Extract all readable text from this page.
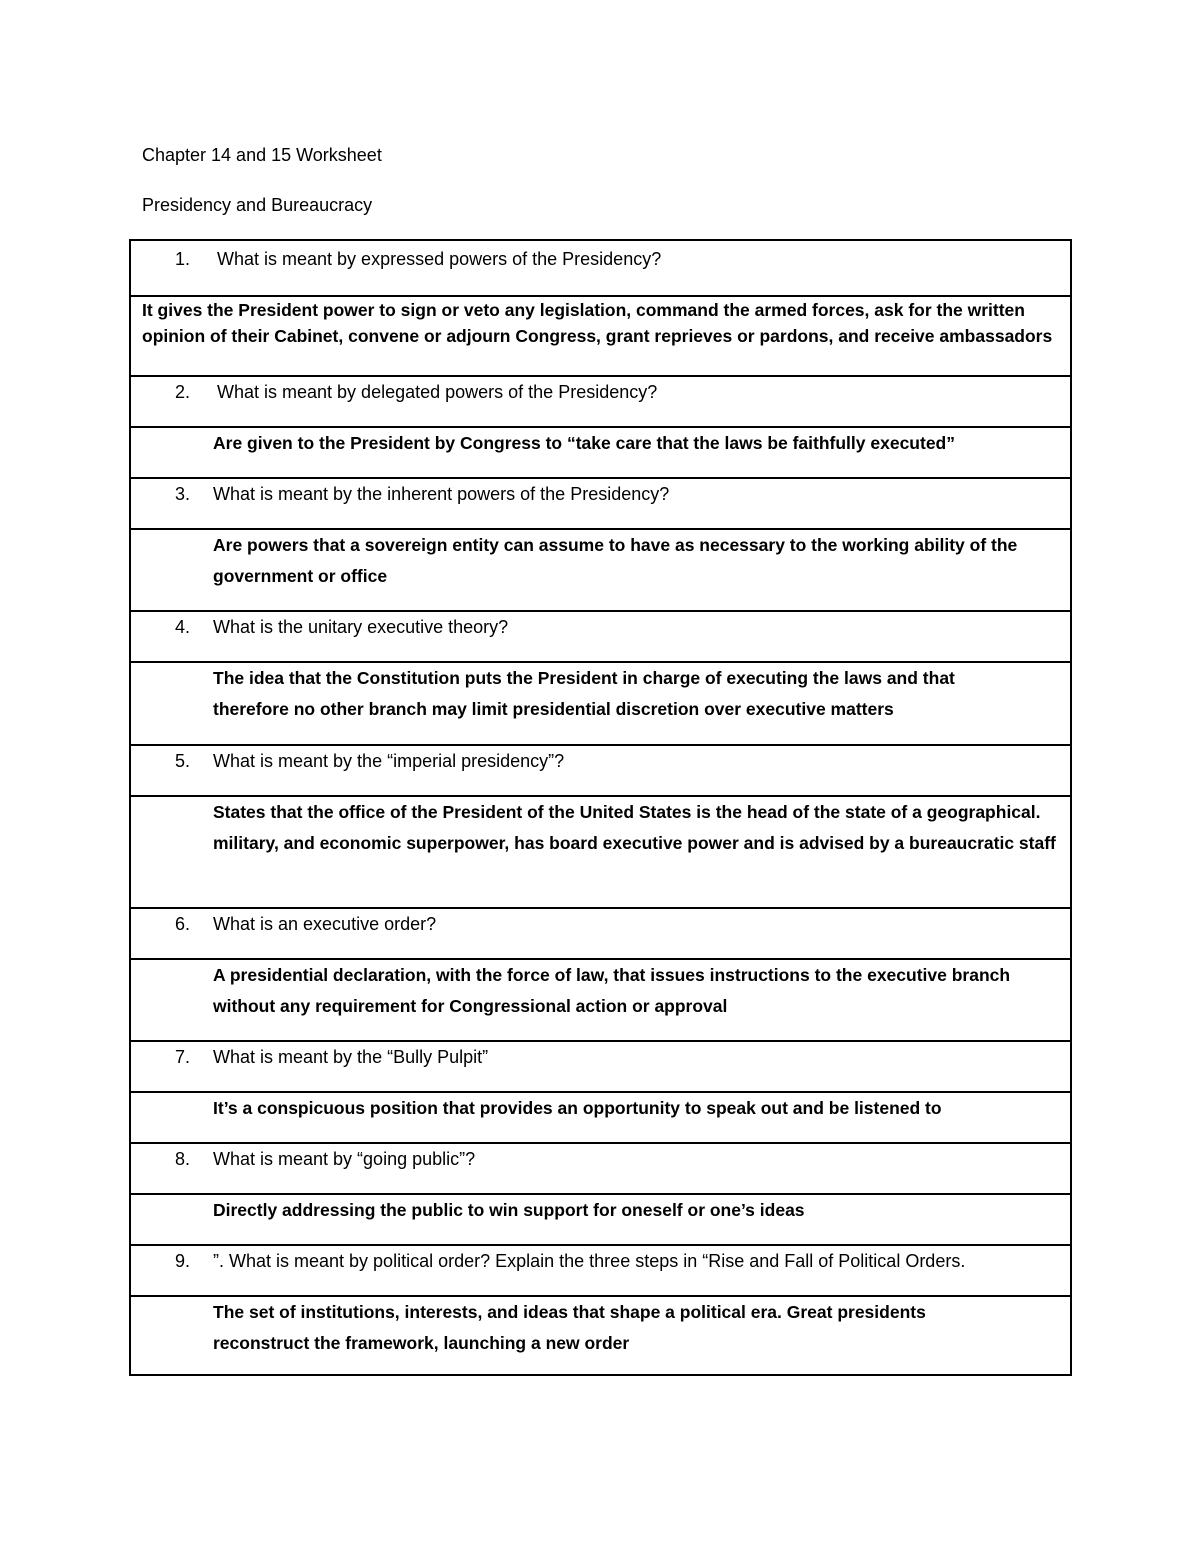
Chapter 14 and 15 Worksheet
Presidency and Bureaucracy
1. What is meant by expressed powers of the Presidency?
It gives the President power to sign or veto any legislation, command the armed forces, ask for the written opinion of their Cabinet, convene or adjourn Congress, grant reprieves or pardons, and receive ambassadors
2. What is meant by delegated powers of the Presidency?
Are given to the President by Congress to “take care that the laws be faithfully executed”
3. What is meant by the inherent powers of the Presidency?
Are powers that a sovereign entity can assume to have as necessary to the working ability of the government or office
4. What is the unitary executive theory?
The idea that the Constitution puts the President in charge of executing the laws and that therefore no other branch may limit presidential discretion over executive matters
5. What is meant by the “imperial presidency”?
States that the office of the President of the United States is the head of the state of a geographical. military, and economic superpower, has board executive power and is advised by a bureaucratic staff
6. What is an executive order?
A presidential declaration, with the force of law, that issues instructions to the executive branch without any requirement for Congressional action or approval
7. What is meant by the “Bully Pulpit”
It’s a conspicuous position that provides an opportunity to speak out and be listened to
8. What is meant by “going public”?
Directly addressing the public to win support for oneself or one’s ideas
9. ”. What is meant by political order? Explain the three steps in “Rise and Fall of Political Orders.
The set of institutions, interests, and ideas that shape a political era. Great presidents reconstruct the framework, launching a new order
